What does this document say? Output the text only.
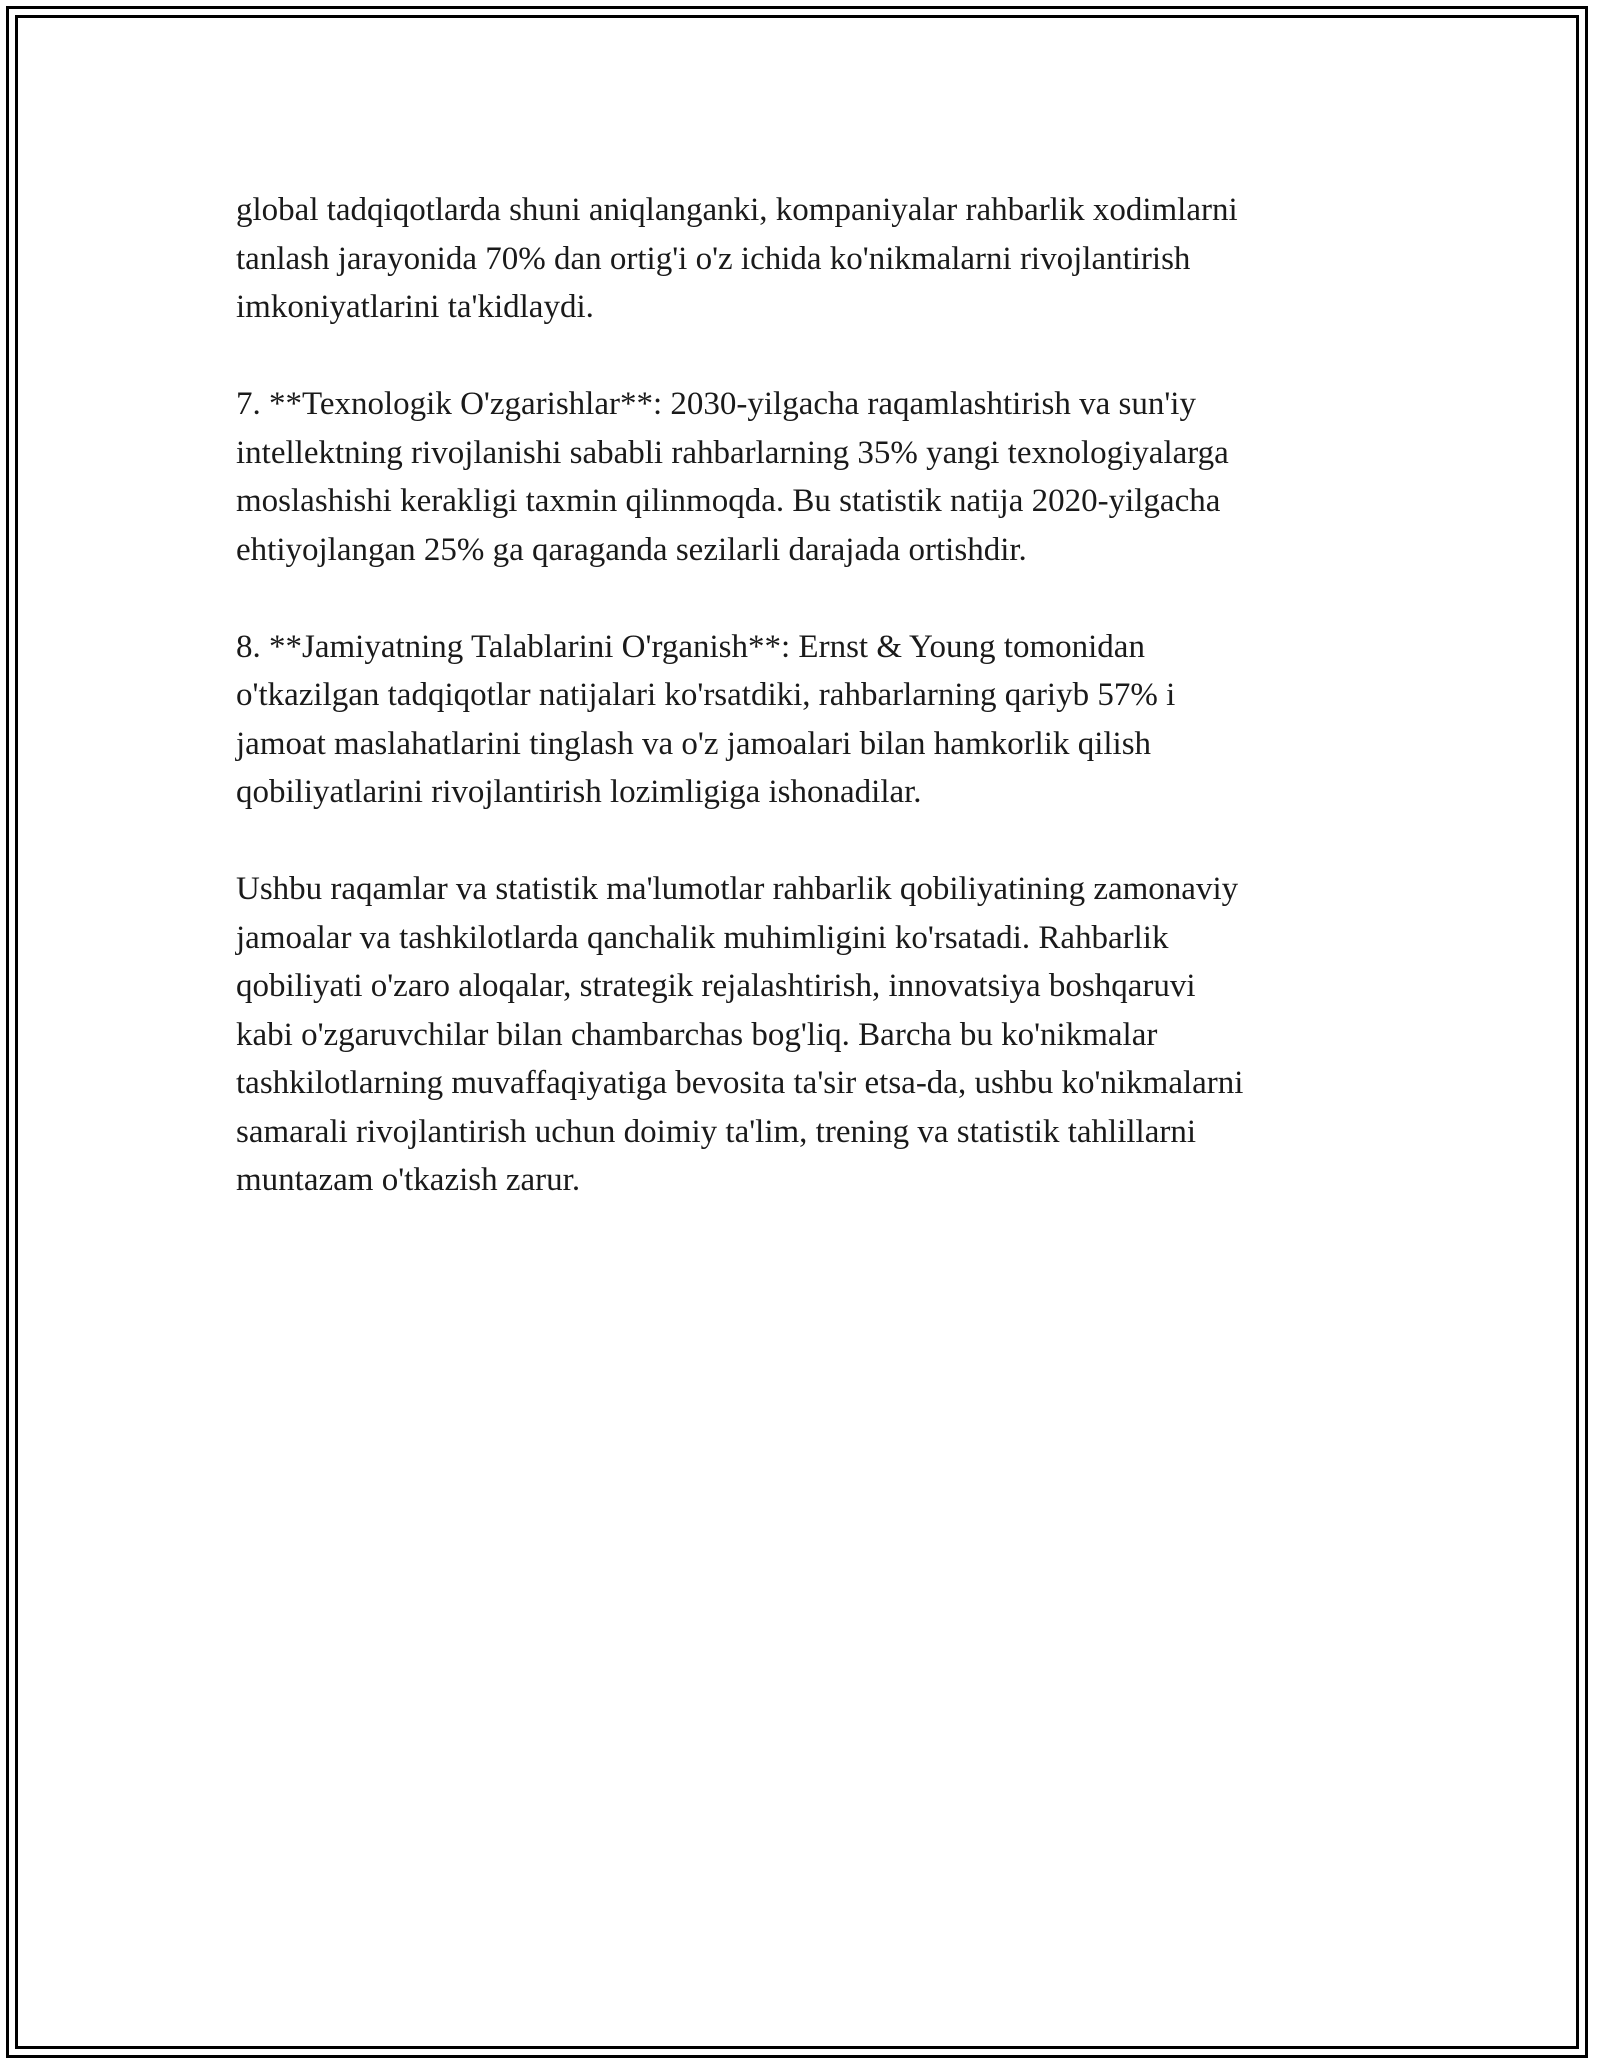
global tadqiqotlarda shuni aniqlanganki, kompaniyalar rahbarlik xodimlarni
tanlash jarayonida 70% dan ortig'i o'z ichida ko'nikmalarni rivojlantirish
imkoniyatlarini ta'kidlaydi.

7. **Texnologik O'zgarishlar**: 2030-yilgacha raqamlashtirish va sun'iy
intellektning rivojlanishi sababli rahbarlarning 35% yangi texnologiyalarga
moslashishi kerakligi taxmin qilinmoqda. Bu statistik natija 2020-yilgacha
ehtiyojlangan 25% ga qaraganda sezilarli darajada ortishdir.

8. **Jamiyatning Talablarini O'rganish**: Ernst & Young tomonidan
o'tkazilgan tadqiqotlar natijalari ko'rsatdiki, rahbarlarning qariyb 57% i
jamoat maslahatlarini tinglash va o'z jamoalari bilan hamkorlik qilish
qobiliyatlarini rivojlantirish lozimligiga ishonadilar.

Ushbu raqamlar va statistik ma'lumotlar rahbarlik qobiliyatining zamonaviy
jamoalar va tashkilotlarda qanchalik muhimligini ko'rsatadi. Rahbarlik
qobiliyati o'zaro aloqalar, strategik rejalashtirish, innovatsiya boshqaruvi
kabi o'zgaruvchilar bilan chambarchas bog'liq. Barcha bu ko'nikmalar
tashkilotlarning muvaffaqiyatiga bevosita ta'sir etsa-da, ushbu ko'nikmalarni
samarali rivojlantirish uchun doimiy ta'lim, trening va statistik tahlillarni
muntazam o'tkazish zarur.
